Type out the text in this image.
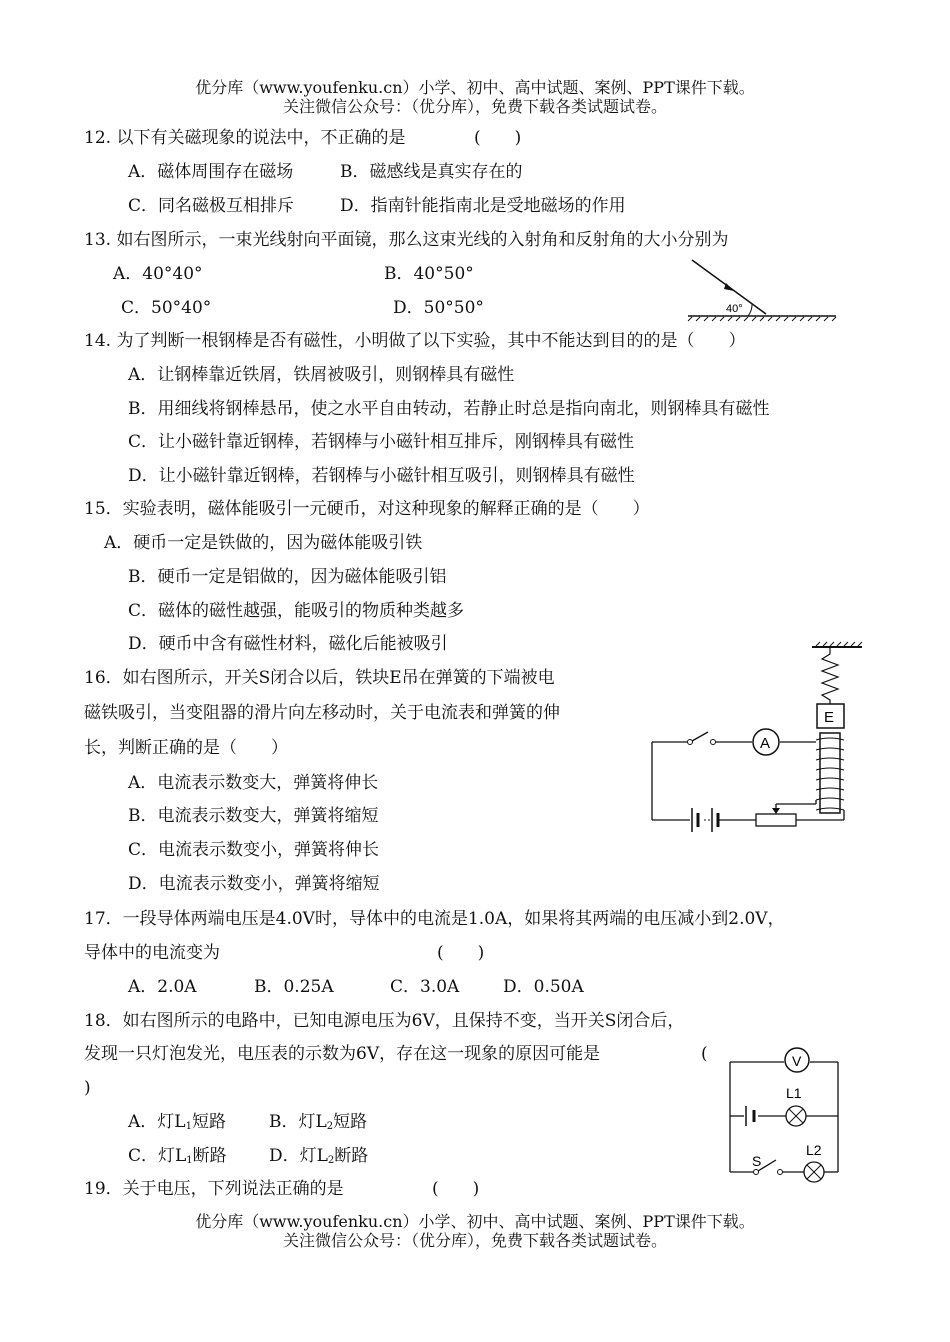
优分库（www.youfenku.cn）小学、初中、高中试题、案例、PPT课件下载。
关注微信公众号：（优分库），免费下载各类试题试卷。
12. 以下有关磁现象的说法中，不正确的是	(　　)
A．磁体周围存在磁场	B．磁感线是真实存在的
C．同名磁极互相排斥	D．指南针能指南北是受地磁场的作用
13. 如右图所示，一束光线射向平面镜，那么这束光线的入射角和反射角的大小分别为
A．40°40°	B．40°50°
C．50°40°	D．50°50°	40°
14. 为了判断一根钢棒是否有磁性，小明做了以下实验，其中不能达到目的的是（　　）
A．让钢棒靠近铁屑，铁屑被吸引，则钢棒具有磁性
B．用细线将钢棒悬吊，使之水平自由转动，若静止时总是指向南北，则钢棒具有磁性
C．让小磁针靠近钢棒，若钢棒与小磁针相互排斥，刚钢棒具有磁性
D．让小磁针靠近钢棒，若钢棒与小磁针相互吸引，则钢棒具有磁性
15．实验表明，磁体能吸引一元硬币，对这种现象的解释正确的是（　　）
A．硬币一定是铁做的，因为磁体能吸引铁
B．硬币一定是铝做的，因为磁体能吸引铝
C．磁体的磁性越强，能吸引的物质种类越多
D．硬币中含有磁性材料，磁化后能被吸引
16．如右图所示，开关S闭合以后，铁块E吊在弹簧的下端被电
磁铁吸引，当变阻器的滑片向左移动时，关于电流表和弹簧的伸
长，判断正确的是（　　）
A．电流表示数变大，弹簧将伸长
B．电流表示数变大，弹簧将缩短
C．电流表示数变小，弹簧将伸长
D．电流表示数变小，弹簧将缩短
E
A
17．一段导体两端电压是4.0V时，导体中的电流是1.0A，如果将其两端的电压减小到2.0V，
导体中的电流变为	(　　)
A．2.0A	B．0.25A	C．3.0A	D．0.50A
18．如右图所示的电路中，已知电源电压为6V，且保持不变，当开关S闭合后，
发现一只灯泡发光，电压表的示数为6V，存在这一现象的原因可能是	(
)
A．灯$L_1$短路	B．灯$L_2$短路
C．灯$L_1$断路 D．灯$L_2$断路
V
L1
S
L2
19．关于电压，下列说法正确的是	(　　)
优分库（www.youfenku.cn）小学、初中、高中试题、案例、PPT课件下载。
关注微信公众号：（优分库），免费下载各类试题试卷。
